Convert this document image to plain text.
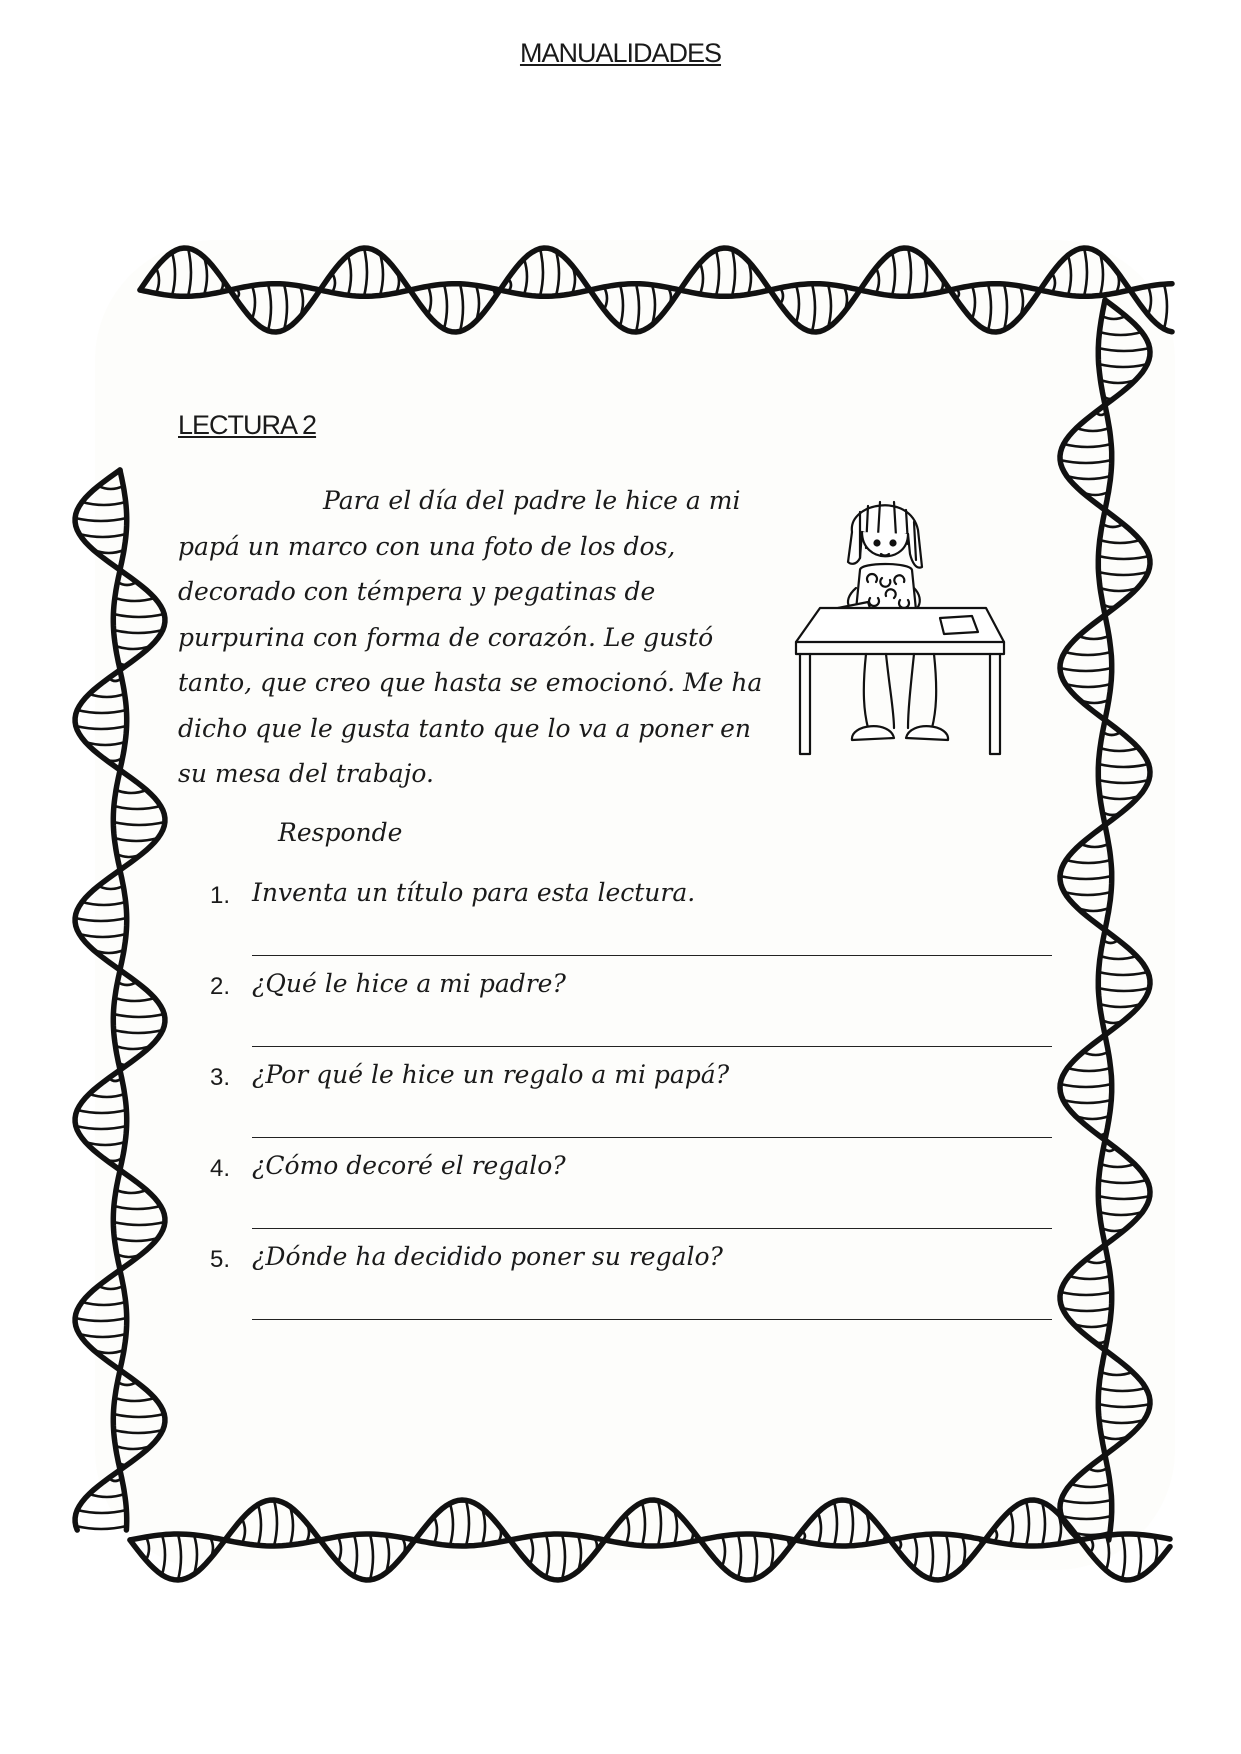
MANUALIDADES
LECTURA 2

Para el día del padre le hice a mi
papá un marco con una foto de los dos,
decorado con témpera y pegatinas de
purpurina con forma de corazón. Le gustó
tanto, que creo que hasta se emocionó. Me ha
dicho que le gusta tanto que lo va a poner en
su mesa del trabajo.

Responde
1. Inventa un título para esta lectura.
2. ¿Qué le hice a mi padre?
3. ¿Por qué le hice un regalo a mi papá?
4. ¿Cómo decoré el regalo?
5. ¿Dónde ha decidido poner su regalo?
